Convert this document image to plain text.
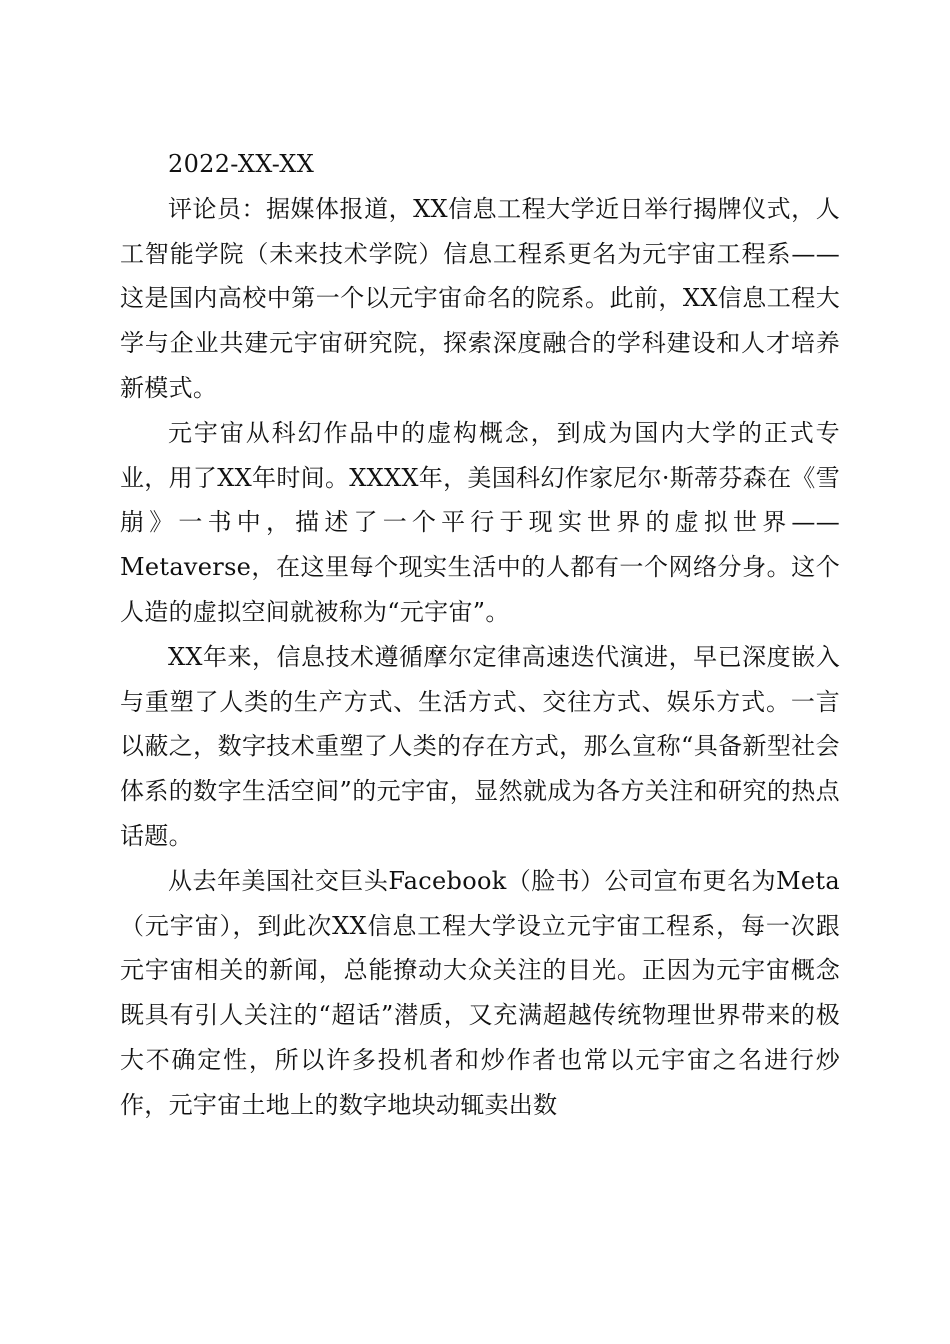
2022-XX-XX

评论员：据媒体报道，XX信息工程大学近日举行揭牌仪式，人工智能学院（未来技术学院）信息工程系更名为元宇宙工程系——这是国内高校中第一个以元宇宙命名的院系。此前，XX信息工程大学与企业共建元宇宙研究院，探索深度融合的学科建设和人才培养新模式。

元宇宙从科幻作品中的虚构概念，到成为国内大学的正式专业，用了XX年时间。XXXX年，美国科幻作家尼尔·斯蒂芬森在《雪崩》一书中，描述了一个平行于现实世界的虚拟世界——Metaverse，在这里每个现实生活中的人都有一个网络分身。这个人造的虚拟空间就被称为“元宇宙”。

XX年来，信息技术遵循摩尔定律高速迭代演进，早已深度嵌入与重塑了人类的生产方式、生活方式、交往方式、娱乐方式。一言以蔽之，数字技术重塑了人类的存在方式，那么宣称“具备新型社会体系的数字生活空间”的元宇宙，显然就成为各方关注和研究的热点话题。

从去年美国社交巨头Facebook（脸书）公司宣布更名为Meta（元宇宙），到此次XX信息工程大学设立元宇宙工程系，每一次跟元宇宙相关的新闻，总能撩动大众关注的目光。正因为元宇宙概念既具有引人关注的“超话”潜质，又充满超越传统物理世界带来的极大不确定性，所以许多投机者和炒作者也常以元宇宙之名进行炒作，元宇宙土地上的数字地块动辄卖出数
